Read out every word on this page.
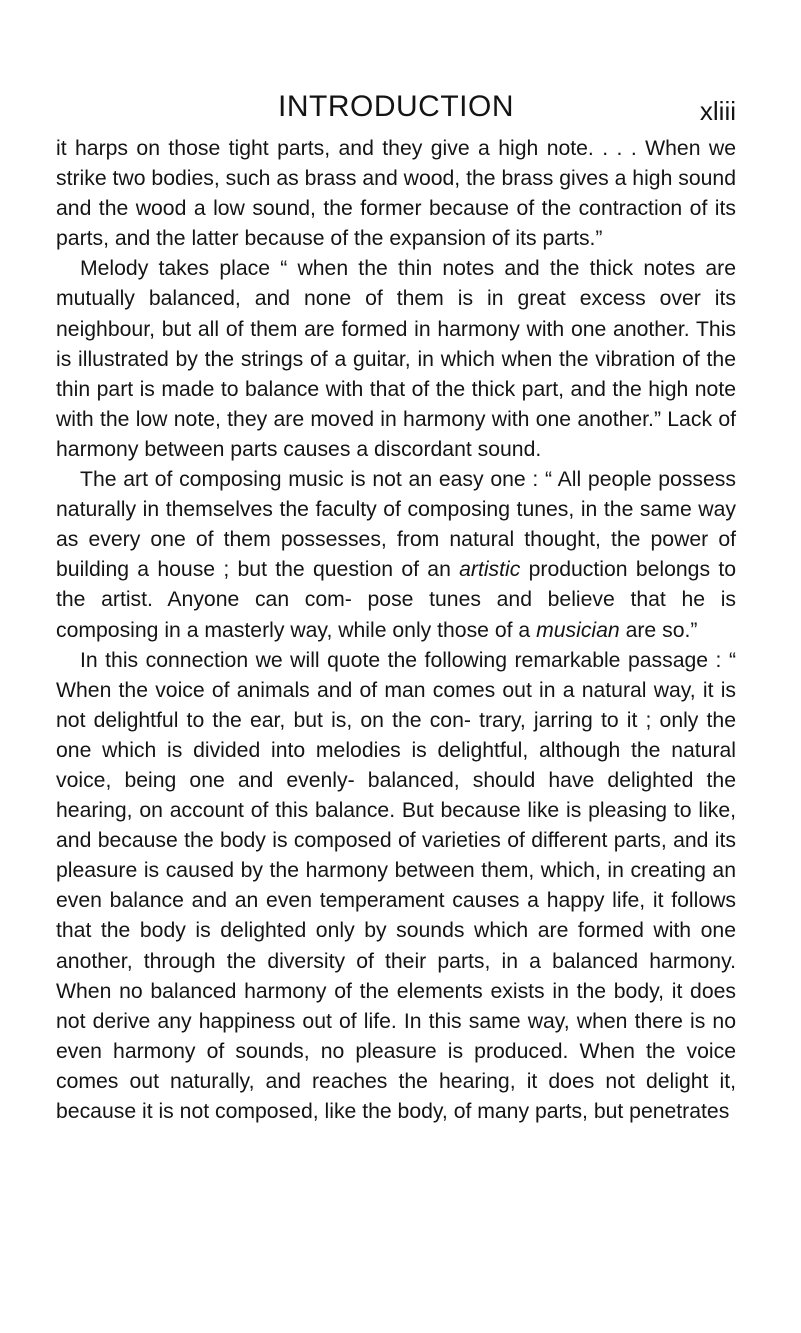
INTRODUCTION	xliii

it harps on those tight parts, and they give a high note. . . . When we strike two bodies, such as brass and wood, the brass gives a high sound and the wood a low sound, the former because of the contraction of its parts, and the latter because of the expansion of its parts.”

Melody takes place “ when the thin notes and the thick notes are mutually balanced, and none of them is in great excess over its neighbour, but all of them are formed in harmony with one another. This is illustrated by the strings of a guitar, in which when the vibration of the thin part is made to balance with that of the thick part, and the high note with the low note, they are moved in harmony with one another.” Lack of harmony between parts causes a discordant sound.

The art of composing music is not an easy one : “ All people possess naturally in themselves the faculty of composing tunes, in the same way as every one of them possesses, from natural thought, the power of building a house ; but the question of an artistic production belongs to the artist. Anyone can com- pose tunes and believe that he is composing in a masterly way, while only those of a musician are so.”

In this connection we will quote the following remarkable passage : “ When the voice of animals and of man comes out in a natural way, it is not delightful to the ear, but is, on the con- trary, jarring to it ; only the one which is divided into melodies is delightful, although the natural voice, being one and evenly- balanced, should have delighted the hearing, on account of this balance. But because like is pleasing to like, and because the body is composed of varieties of different parts, and its pleasure is caused by the harmony between them, which, in creating an even balance and an even temperament causes a happy life, it follows that the body is delighted only by sounds which are formed with one another, through the diversity of their parts, in a balanced harmony. When no balanced harmony of the elements exists in the body, it does not derive any happiness out of life. In this same way, when there is no even harmony of sounds, no pleasure is produced. When the voice comes out naturally, and reaches the hearing, it does not delight it, because it is not composed, like the body, of many parts, but penetrates
